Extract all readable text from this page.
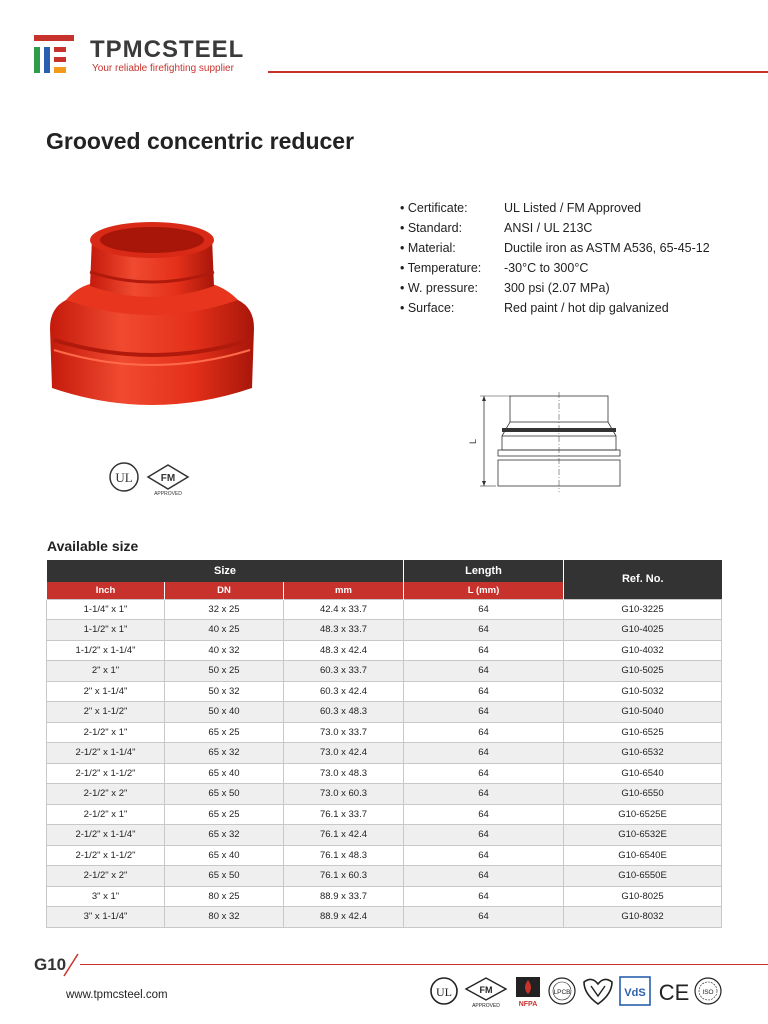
TPMCSTEEL
Your reliable firefighting supplier
Grooved concentric reducer
UL	FM
APPROVED
• Certificate:	UL Listed / FM Approved
• Standard:	ANSI / UL 213C
• Material:	Ductile iron as ASTM A536, 65-45-12
• Temperature:	-30°C to 300°C
• W. pressure:	300 psi (2.07 MPa)
• Surface:	Red paint / hot dip galvanized
L
Available size
Size			Length	Ref. No.
Inch	DN	mm	L (mm)	
1-1/4" x 1"	32 x 25	42.4 x 33.7	64	G10-3225
1-1/2" x 1"	40 x 25	48.3 x 33.7	64	G10-4025
1-1/2" x 1-1/4"	40 x 32	48.3 x 42.4	64	G10-4032
2" x 1"	50 x 25	60.3 x 33.7	64	G10-5025
2" x 1-1/4"	50 x 32	60.3 x 42.4	64	G10-5032
2" x 1-1/2"	50 x 40	60.3 x 48.3	64	G10-5040
2-1/2" x 1"	65 x 25	73.0 x 33.7	64	G10-6525
2-1/2" x 1-1/4"	65 x 32	73.0 x 42.4	64	G10-6532
2-1/2" x 1-1/2"	65 x 40	73.0 x 48.3	64	G10-6540
2-1/2" x 2"	65 x 50	73.0 x 60.3	64	G10-6550
2-1/2" x 1"	65 x 25	76.1 x 33.7	64	G10-6525E
2-1/2" x 1-1/4"	65 x 32	76.1 x 42.4	64	G10-6532E
2-1/2" x 1-1/2"	65 x 40	76.1 x 48.3	64	G10-6540E
2-1/2" x 2"	65 x 50	76.1 x 60.3	64	G10-6550E
3" x 1"	80 x 25	88.9 x 33.7	64	G10-8025
3" x 1-1/4"	80 x 32	88.9 x 42.4	64	G10-8032
G10
www.tpmcsteel.com	UL	FM
APPROVED	NFPA
LPCB	VdS CE ISO
